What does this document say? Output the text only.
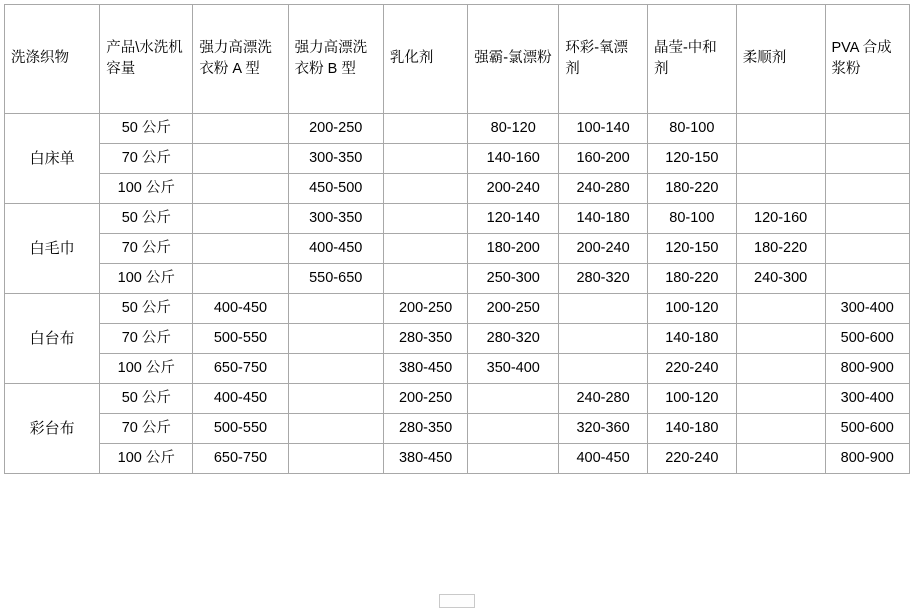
洗涤织物	产品\水洗机容量	强力高漂洗衣粉 A 型	强力高漂洗衣粉 B 型	乳化剂	强霸-氯漂粉	环彩-氧漂剂	晶莹-中和剂	柔顺剂	PVA 合成浆粉

白床单	50 公斤		200-250		80-120	100-140	80-100		
	70 公斤		300-350		140-160	160-200	120-150		
	100 公斤		450-500		200-240	240-280	180-220		
白毛巾	50 公斤		300-350		120-140	140-180	80-100	120-160	
	70 公斤		400-450		180-200	200-240	120-150	180-220	
	100 公斤		550-650		250-300	280-320	180-220	240-300	
白台布	50 公斤	400-450		200-250	200-250		100-120		300-400
	70 公斤	500-550		280-350	280-320		140-180		500-600
	100 公斤	650-750		380-450	350-400		220-240		800-900
彩台布	50 公斤	400-450		200-250		240-280	100-120		300-400
	70 公斤	500-550		280-350		320-360	140-180		500-600
	100 公斤	650-750		380-450		400-450	220-240		800-900
